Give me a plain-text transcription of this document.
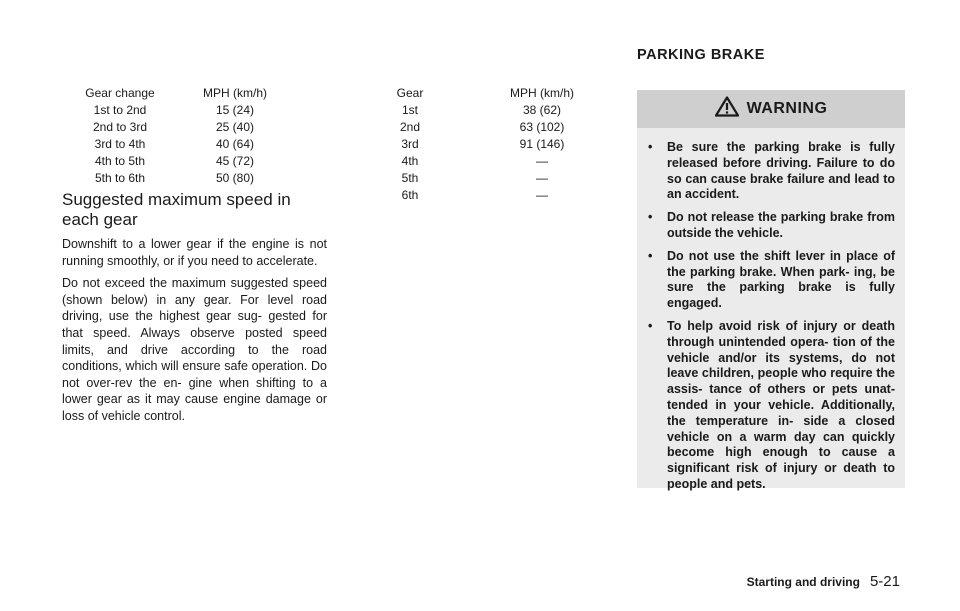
Gear change	MPH (km/h)
1st to 2nd	15 (24)
2nd to 3rd	25 (40)
3rd to 4th	40 (64)
4th to 5th	45 (72)
5th to 6th	50 (80)
Suggested maximum speed in each gear

Downshift to a lower gear if the engine is not running smoothly, or if you need to accelerate.

Do not exceed the maximum suggested speed (shown below) in any gear. For level road driving, use the highest gear sug- gested for that speed. Always observe posted speed limits, and drive according to the road conditions, which will ensure safe operation. Do not over-rev the en- gine when shifting to a lower gear as it may cause engine damage or loss of vehicle control.

Gear	MPH (km/h)
1st	38 (62)
2nd	63 (102)
3rd	91 (146)
4th	—
5th	—
6th	—
PARKING BRAKE
WARNING
•	Be sure the parking brake is fully released before driving. Failure to do so can cause brake failure and lead to an accident.
•	Do not release the parking brake from outside the vehicle.
•	Do not use the shift lever in place of the parking brake. When park- ing, be sure the parking brake is fully engaged.
•	To help avoid risk of injury or death through unintended opera- tion of the vehicle and/or its systems, do not leave children, people who require the assis- tance of others or pets unat- tended in your vehicle. Additionally, the temperature in- side a closed vehicle on a warm day can quickly become high enough to cause a significant risk of injury or death to people and pets.
Starting and driving 5-21
